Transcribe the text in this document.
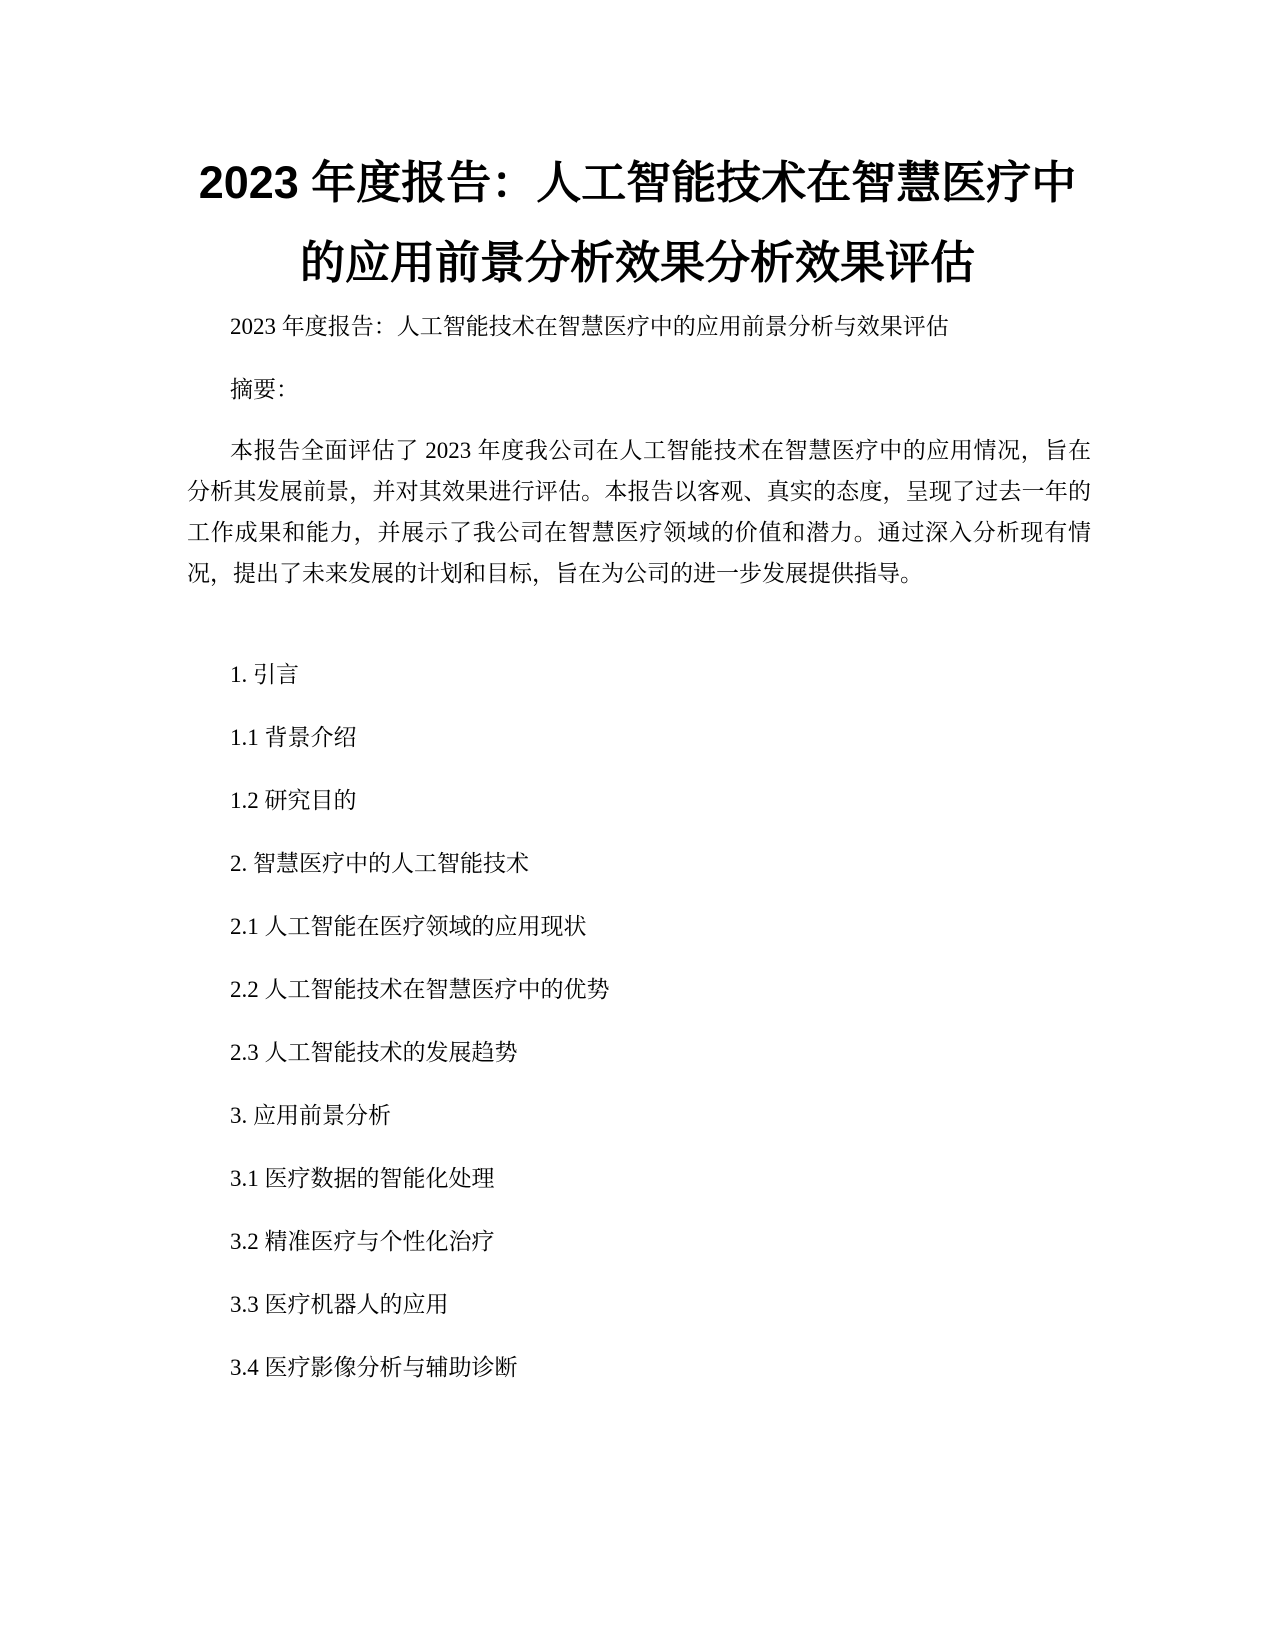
2023 年度报告：人工智能技术在智慧医疗中
的应用前景分析效果分析效果评估
2023 年度报告：人工智能技术在智慧医疗中的应用前景分析与效果评估
摘要：

本报告全面评估了 2023 年度我公司在人工智能技术在智慧医疗中的应用情况，旨在分析其发展前景，并对其效果进行评估。本报告以客观、真实的态度，呈现了过去一年的工作成果和能力，并展示了我公司在智慧医疗领域的价值和潜力。通过深入分析现有情况，提出了未来发展的计划和目标，旨在为公司的进一步发展提供指导。

1. 引言
1.1 背景介绍
1.2 研究目的
2. 智慧医疗中的人工智能技术
2.1 人工智能在医疗领域的应用现状
2.2 人工智能技术在智慧医疗中的优势
2.3 人工智能技术的发展趋势
3. 应用前景分析
3.1 医疗数据的智能化处理
3.2 精准医疗与个性化治疗
3.3 医疗机器人的应用
3.4 医疗影像分析与辅助诊断
